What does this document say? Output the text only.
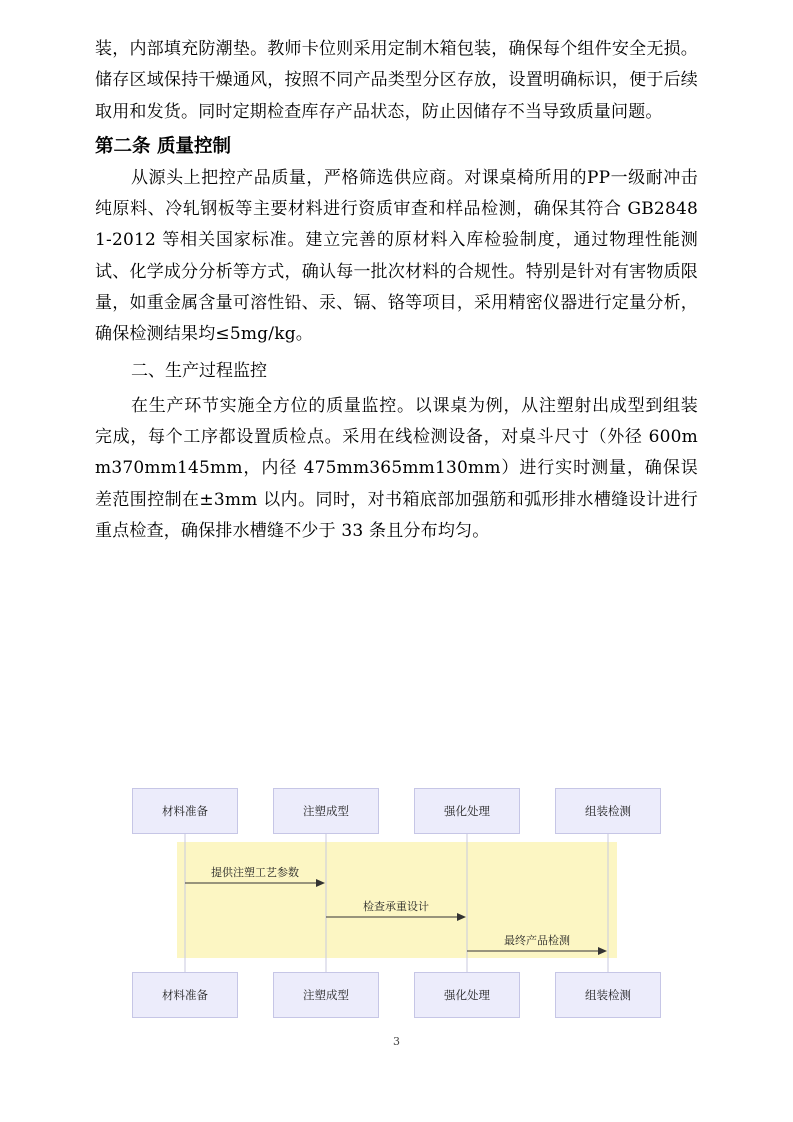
装，内部填充防潮垫。教师卡位则采用定制木箱包装，确保每个组件安全无损。储存区域保持干燥通风，按照不同产品类型分区存放，设置明确标识，便于后续取用和发货。同时定期检查库存产品状态，防止因储存不当导致质量问题。

第二条 质量控制

从源头上把控产品质量，严格筛选供应商。对课桌椅所用的PP一级耐冲击纯原料、冷轧钢板等主要材料进行资质审查和样品检测，确保其符合 GB28481-2012 等相关国家标准。建立完善的原材料入库检验制度，通过物理性能测试、化学成分分析等方式，确认每一批次材料的合规性。特别是针对有害物质限量，如重金属含量可溶性铅、汞、镉、铬等项目，采用精密仪器进行定量分析，确保检测结果均≤5mg/kg。

二、生产过程监控

在生产环节实施全方位的质量监控。以课桌为例，从注塑射出成型到组装完成，每个工序都设置质检点。采用在线检测设备，对桌斗尺寸（外径 600mm370mm145mm，内径 475mm365mm130mm）进行实时测量，确保误差范围控制在±3mm 以内。同时，对书箱底部加强筋和弧形排水槽缝设计进行重点检查，确保排水槽缝不少于 33 条且分布均匀。

材料准备	注塑成型	强化处理	组装检测
提供注塑工艺参数
检查承重设计
最终产品检测
材料准备	注塑成型	强化处理	组装检测
3
